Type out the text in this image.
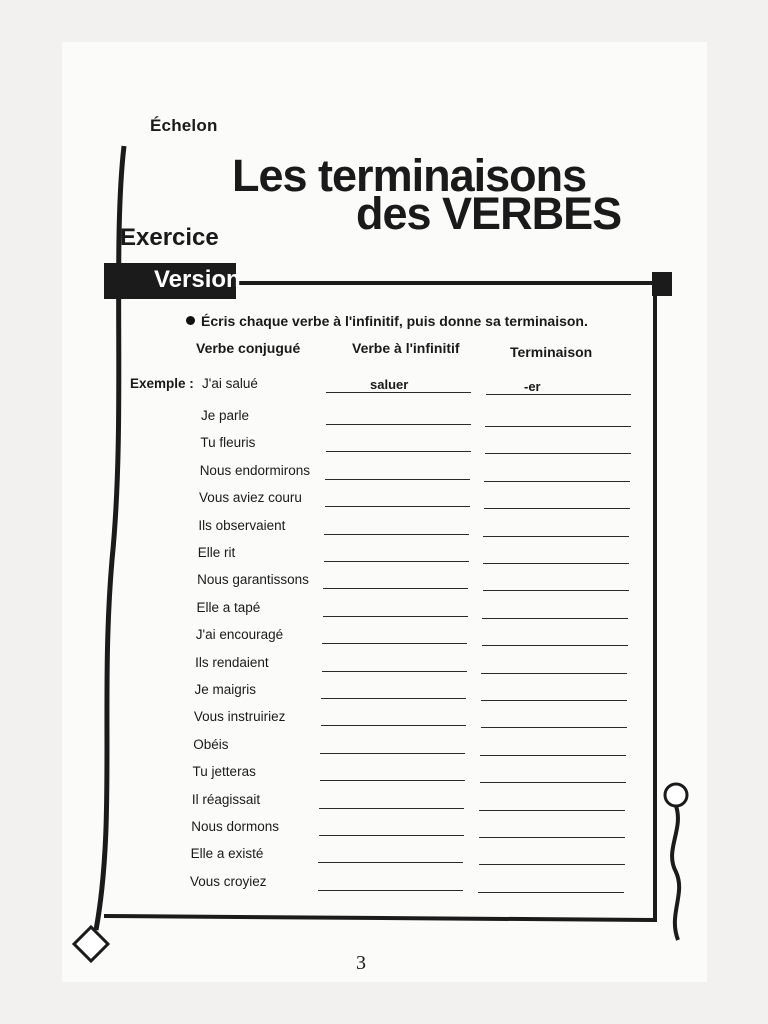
Échelon
Les terminaisons
des VERBES
Exercice
Version
Écris chaque verbe à l'infinitif, puis donne sa terminaison.
Verbe conjugué	Verbe à l'infinitif	Terminaison
Exemple : J'ai salué	saluer	-er
Je parle
Tu fleuris
Nous endormirons
Vous aviez couru
Ils observaient
Elle rit
Nous garantissons
Elle a tapé
J'ai encouragé
Ils rendaient
Je maigris
Vous instruiriez
Obéis
Tu jetteras
Il réagissait
Nous dormons
Elle a existé
Vous croyiez
3
